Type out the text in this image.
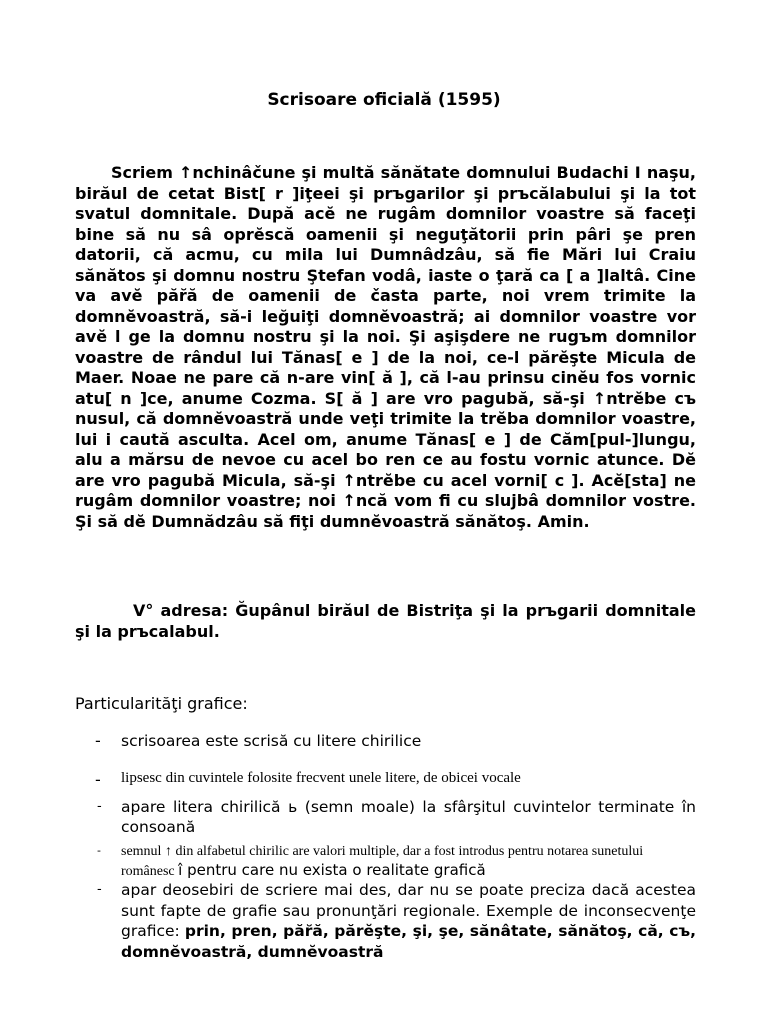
Scrisoare oficială (1595)

Scriem ↑nchinâčune şi multă sănătate domnului Budachi I naşu, birăul de cetat Bist[ r ]iţeei şi prъgarilor şi prъcălabului şi la tot svatul domnitale. După acĕ ne rugâm domnilor voastre să faceţi bine să nu sâ oprĕscă oamenii şi neguţătorii prin pâri şe pren datorii, că acmu, cu mila lui Dumnâdzâu, să fie Mări lui Craiu sănătos şi domnu nostru Ştefan vodâ, iaste o ţară ca [ a ]laltâ. Cine va avĕ păr̆ă de oamenii de časta parte, noi vrem trimite la domnĕvoastră, să-i leğuiţi domnĕvoastră; ai domnilor voastre vor avĕ l ge la domnu nostru şi la noi. Şi aşişdere ne rugъm domnilor voastre de rândul lui Tănas[ e ] de la noi, ce-l părĕşte Micula de Maer. Noae ne pare că n-are vin[ ă ], că l-au prinsu cinĕu fos vornic atu[ n ]ce, anume Cozma. S[ ă ] are vro pagubă, să-şi ↑ntrĕbe cъ nusul, că domnĕvoastră unde veţi trimite la trĕba domnilor voastre, lui i caută asculta. Acel om, anume Tănas[ e ] de Căm[pul-]lungu, alu a mărsu de nevoe cu acel bo ren ce au fostu vornic atunce. Dĕ are vro pagubă Micula, să-şi ↑ntrĕbe cu acel vorni[ c ]. Acĕ[sta] ne rugâm domnilor voastre; noi ↑ncă vom fi cu slujbâ domnilor vostre. Şi să dĕ Dumnădzâu să fiţi dumnĕvoastră sănătoş. Amin.

V° adresa: Ğupânul birăul de Bistriţa şi la prъgarii domnitale şi la prъcalabul.

Particularităţi grafice:
- scrisoarea este scrisă cu litere chirilice
- lipsesc din cuvintele folosite frecvent unele litere, de obicei vocale
- apare litera chirilică ь (semn moale) la sfârşitul cuvintelor terminate în consoană
- semnul ↑ din alfabetul chirilic are valori multiple, dar a fost introdus pentru notarea sunetului românesc î pentru care nu exista o realitate grafică
- apar deosebiri de scriere mai des, dar nu se poate preciza dacă acestea sunt fapte de grafie sau pronunţări regionale. Exemple de inconsecvenţe grafice: prin, pren, păr̆ă, părĕşte, şi, şe, sănâtate, sănătoş, că, cъ, domnĕvoastră, dumnĕvoastră
